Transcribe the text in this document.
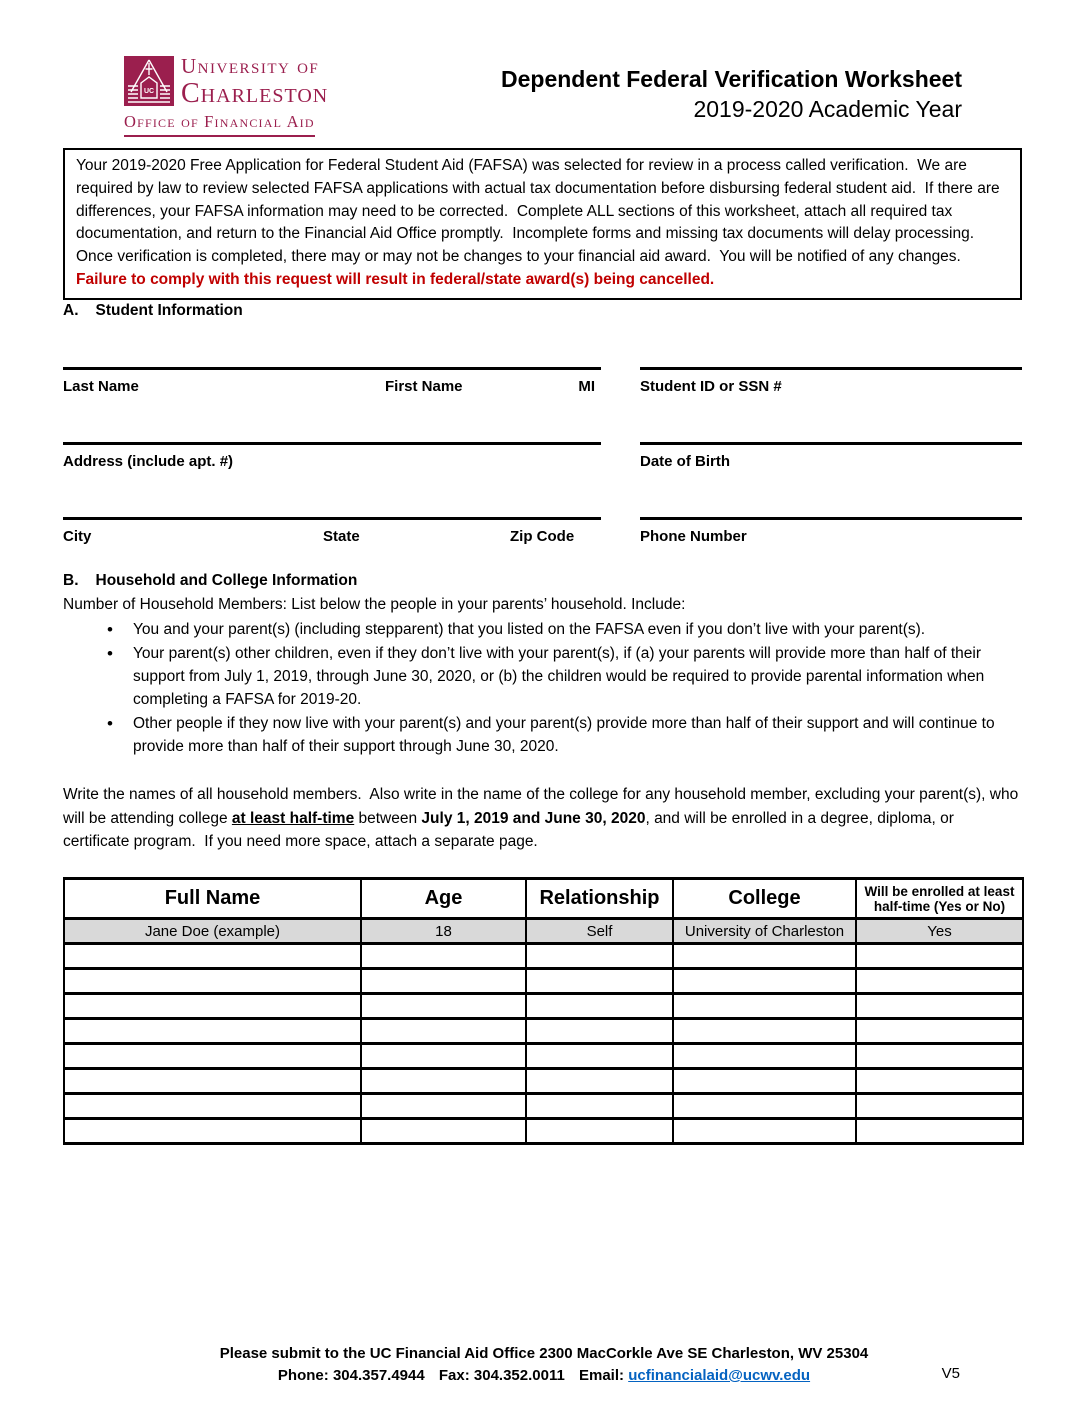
UC
University of
Charleston
Office of Financial Aid
Dependent Federal Verification Worksheet
2019-2020 Academic Year
Your 2019-2020 Free Application for Federal Student Aid (FAFSA) was selected for review in a process called verification.  We are required by law to review selected FAFSA applications with actual tax documentation before disbursing federal student aid.  If there are differences, your FAFSA information may need to be corrected.  Complete ALL sections of this worksheet, attach all required tax documentation, and return to the Financial Aid Office promptly.  Incomplete forms and missing tax documents will delay processing.  Once verification is completed, there may or may not be changes to your financial aid award.  You will be notified of any changes.  Failure to comply with this request will result in federal/state award(s) being cancelled.
A. Student Information
Last Name	First Name	MI	Student ID or SSN #
Address (include apt. #)	Date of Birth
City	State	Zip Code	Phone Number
B. Household and College Information

Number of Household Members: List below the people in your parents’ household. Include:

• You and your parent(s) (including stepparent) that you listed on the FAFSA even if you don’t live with your parent(s).
• Your parent(s) other children, even if they don’t live with your parent(s), if (a) your parents will provide more than half of their support from July 1, 2019, through June 30, 2020, or (b) the children would be required to provide parental information when completing a FAFSA for 2019-20.
• Other people if they now live with your parent(s) and your parent(s) provide more than half of their support and will continue to provide more than half of their support through June 30, 2020.

Write the names of all household members.  Also write in the name of the college for any household member, excluding your parent(s), who will be attending college at least half-time between July 1, 2019 and June 30, 2020, and will be enrolled in a degree, diploma, or certificate program.  If you need more space, attach a separate page.

Full Name	Age	Relationship	College	Will be enrolled at least half-time (Yes or No)
Jane Doe (example)	18	Self	University of Charleston	Yes

Please submit to the UC Financial Aid Office 2300 MacCorkle Ave SE Charleston, WV 25304
Phone: 304.357.4944 Fax: 304.352.0011 Email: ucfinancialaid@ucwv.edu	V5
